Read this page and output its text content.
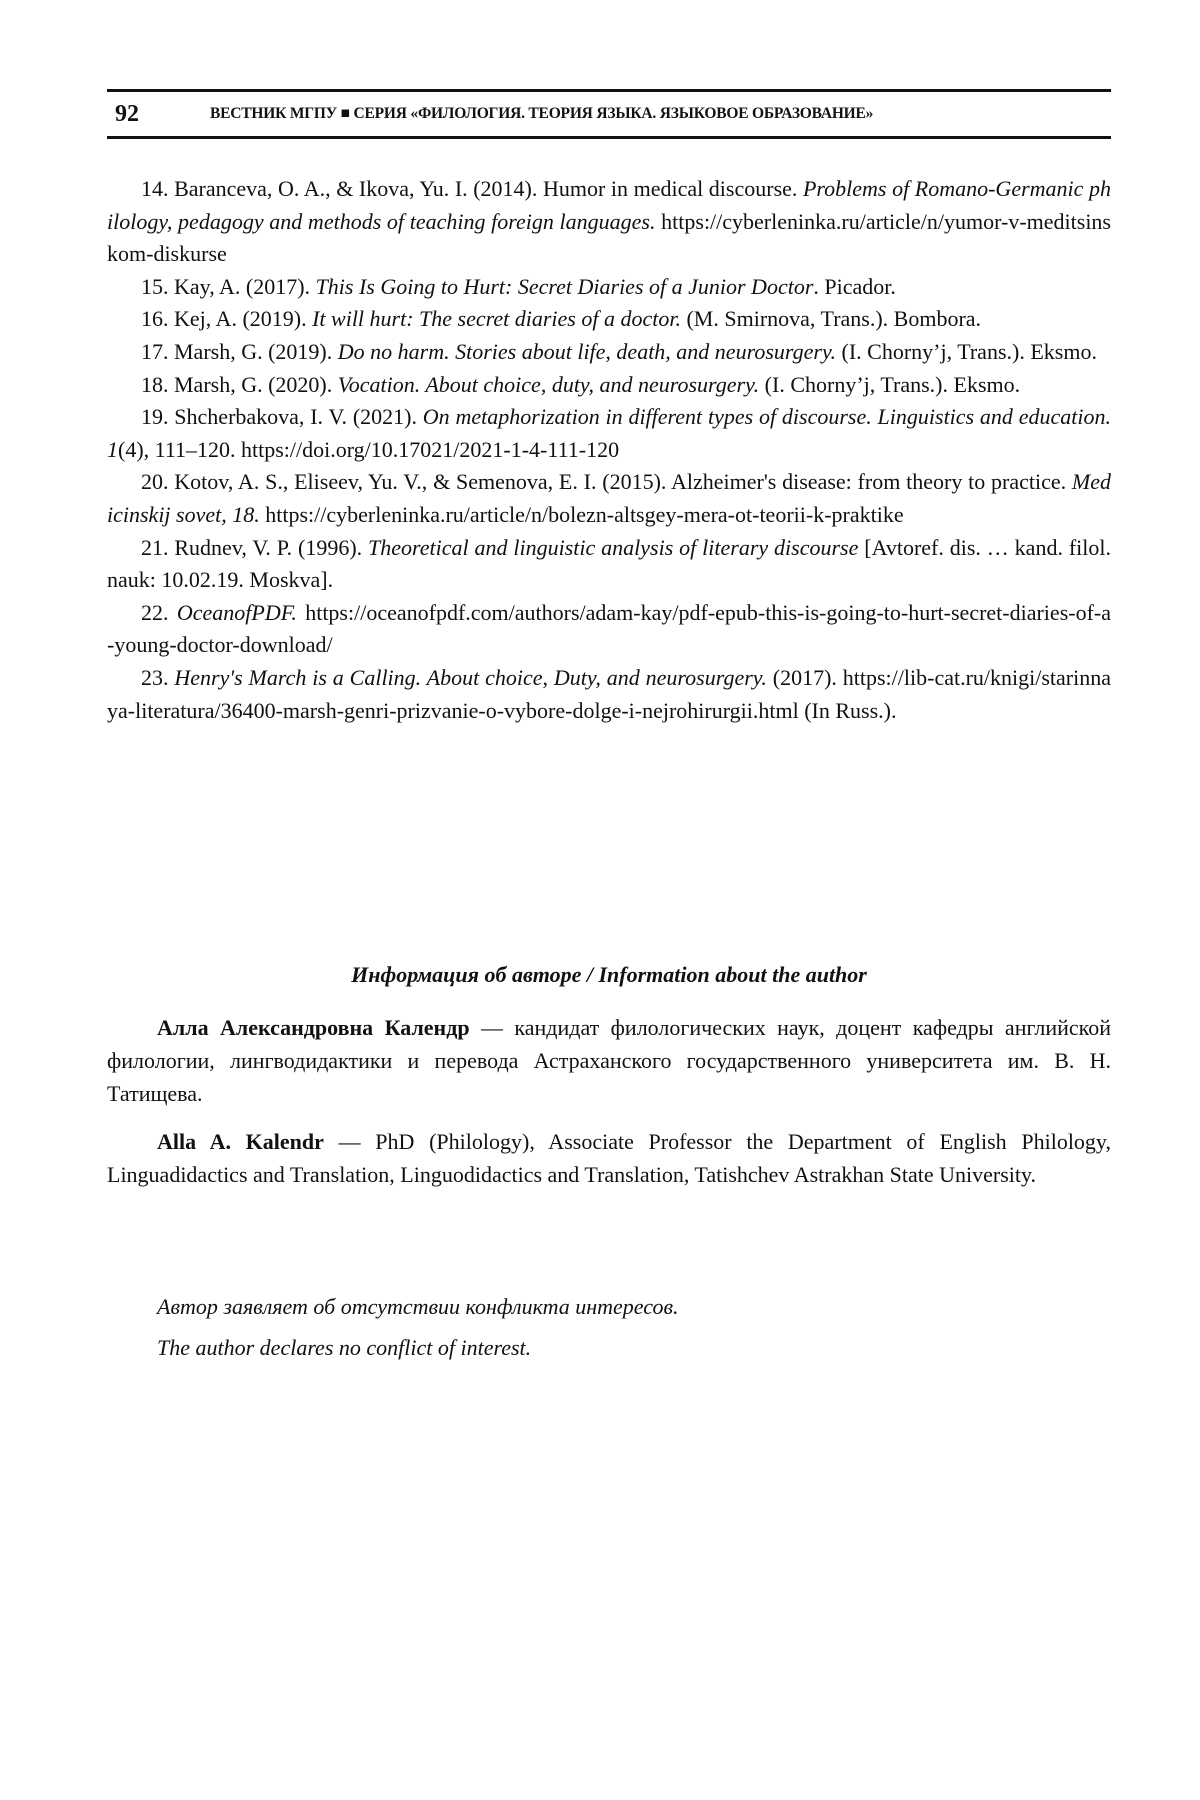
92	ВЕСТНИК МГПУ ■ СЕРИЯ «ФИЛОЛОГИЯ. ТЕОРИЯ ЯЗЫКА. ЯЗЫКОВОЕ ОБРАЗОВАНИЕ»

14. Baranceva, O. A., & Ikova, Yu. I. (2014). Humor in medical discourse. Problems of Romano-Germanic philology, pedagogy and methods of teaching foreign languages. https://cyberleninka.ru/article/n/yumor-v-meditsinskom-diskurse

15. Kay, A. (2017). This Is Going to Hurt: Secret Diaries of a Junior Doctor. Picador.

16. Kej, A. (2019). It will hurt: The secret diaries of a doctor. (M. Smirnova, Trans.). Bombora.

17. Marsh, G. (2019). Do no harm. Stories about life, death, and neurosurgery. (I. Chorny’j, Trans.). Eksmo.

18. Marsh, G. (2020). Vocation. About choice, duty, and neurosurgery. (I. Chorny’j, Trans.). Eksmo.

19. Shcherbakova, I. V. (2021). On metaphorization in different types of discourse. Linguistics and education. 1(4), 111–120. https://doi.org/10.17021/2021-1-4-111-120

20. Kotov, A. S., Eliseev, Yu. V., & Semenova, E. I. (2015). Alzheimer's disease: from theory to practice. Medicinskij sovet, 18. https://cyberleninka.ru/article/n/bolezn-altsgey-mera-ot-teorii-k-praktike

21. Rudnev, V. P. (1996). Theoretical and linguistic analysis of literary discourse [Avtoref. dis. … kand. filol. nauk: 10.02.19. Moskva].

22. OceanofPDF. https://oceanofpdf.com/authors/adam-kay/pdf-epub-this-is-going-to-hurt-secret-diaries-of-a-young-doctor-download/

23. Henry's March is a Calling. About choice, Duty, and neurosurgery. (2017). https://lib-cat.ru/knigi/starinnaya-literatura/36400-marsh-genri-prizvanie-o-vybore-dolge-i-nejrohirurgii.html (In Russ.).

Информация об авторе / Information about the author

Алла Александровна Календр — кандидат филологических наук, доцент кафедры английской филологии, лингводидактики и перевода Астраханского государственного университета им. В. Н. Татищева.

Alla A. Kalendr — PhD (Philology), Associate Professor the Department of English Philology, Linguadidactics and Translation, Linguodidactics and Translation, Tatishchev Astrakhan State University.

Автор заявляет об отсутствии конфликта интересов.
The author declares no conflict of interest.
